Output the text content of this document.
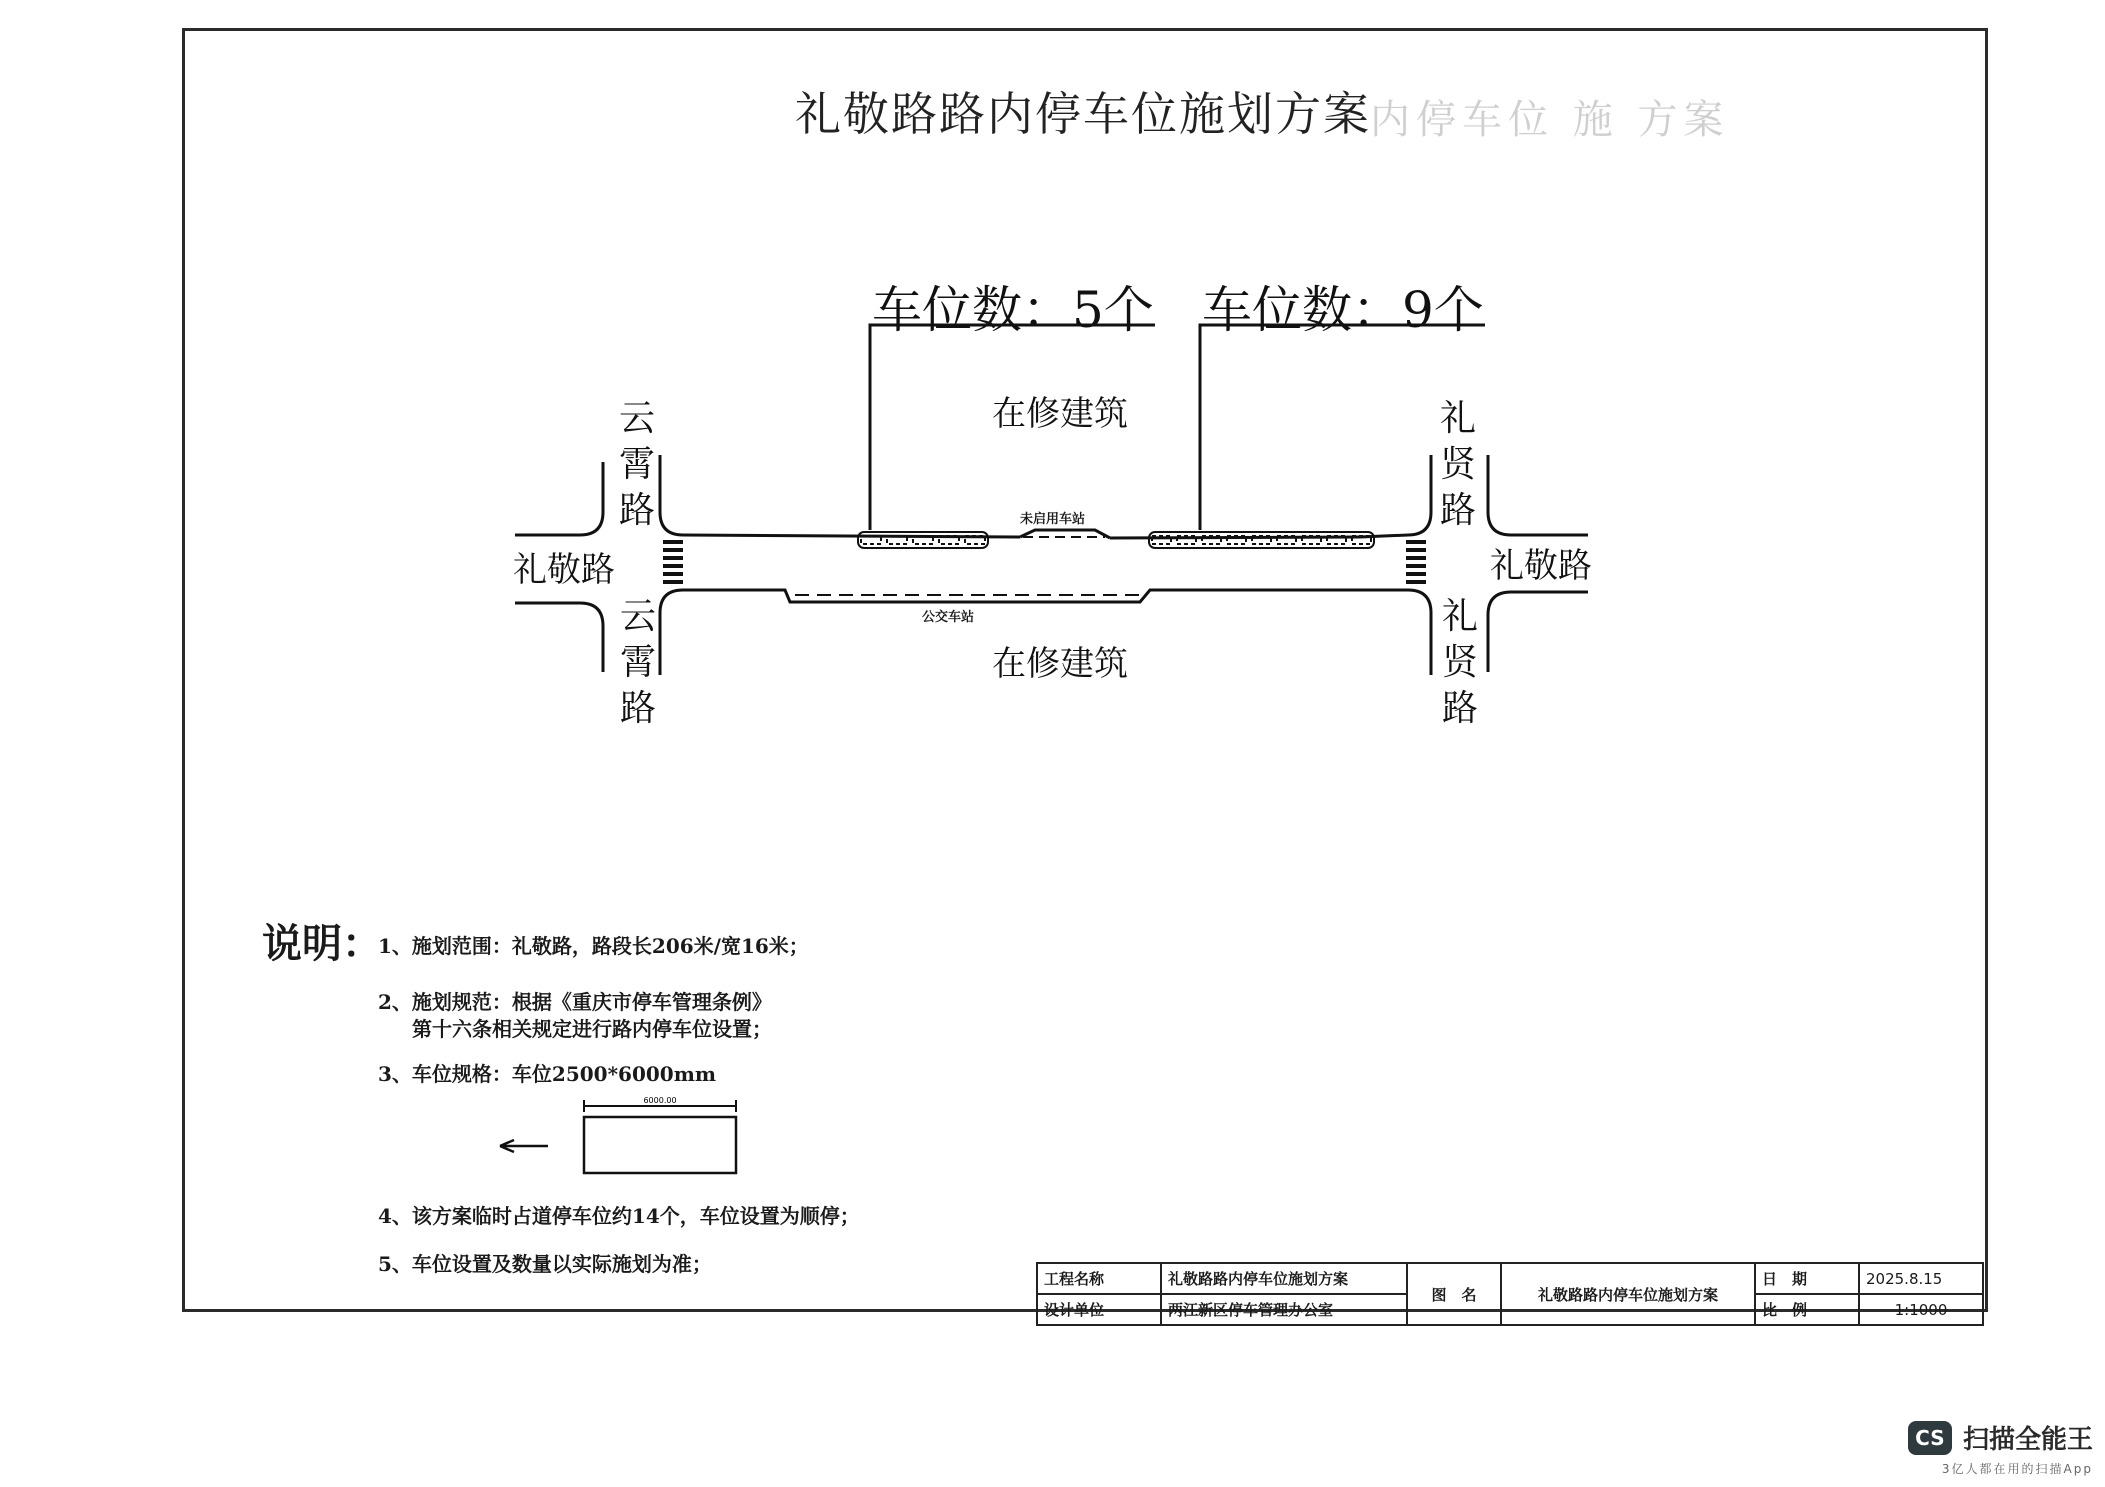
礼敬路路内停车位施划方案 内停车位 施 方案
6000.00
车位数：5个 车位数：9个
在修建筑
在修建筑
云霄路
云霄路
礼贤路
礼贤路
礼敬路	礼敬路
未启用车站
公交车站
说明：
1、施划范围：礼敬路，路段长206米/宽16米；
2、施划规范：根据《重庆市停车管理条例》
第十六条相关规定进行路内停车位设置；
3、车位规格：车位2500*6000mm
4、该方案临时占道停车位约14个，车位设置为顺停；
5、车位设置及数量以实际施划为准；
工程名称	礼敬路路内停车位施划方案	图　名	礼敬路路内停车位施划方案	日　期	2025.8.15
设计单位	两江新区停车管理办公室			比　例	1:1000
CS 扫描全能王
3亿人都在用的扫描App
